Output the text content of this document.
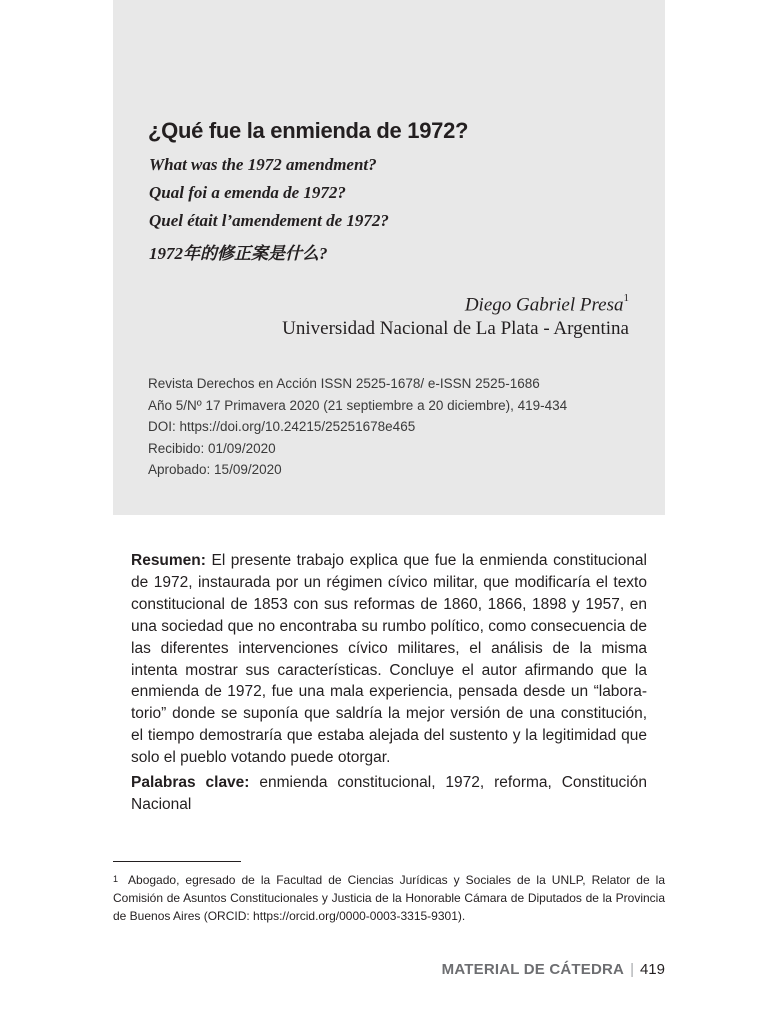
¿Qué fue la enmienda de 1972?

What was the 1972 amendment?

Qual foi a emenda de 1972?

Quel était l’amendement de 1972?

1972年的修正案是什么?

Diego Gabriel Presa$^1$

Universidad Nacional de La Plata - Argentina

Revista Derechos en Acción ISSN 2525-1678/ e-ISSN 2525-1686
Año 5/Nº 17 Primavera 2020 (21 septiembre a 20 diciembre), 419-434
DOI: https://doi.org/10.24215/25251678e465
Recibido: 01/09/2020
Aprobado: 15/09/2020

Resumen: El presente trabajo explica que fue la enmienda constitucional de 1972, instaurada por un régimen cívico militar, que modificaría el texto constitucional de 1853 con sus reformas de 1860, 1866, 1898 y 1957, en una sociedad que no encontraba su rumbo político, como consecuencia de las diferentes intervenciones cívico militares, el análisis de la misma intenta mostrar sus características. Concluye el autor afirmando que la enmienda de 1972, fue una mala experiencia, pensada desde un “labora-torio” donde se suponía que saldría la mejor versión de una constitución, el tiempo demostraría que estaba alejada del sustento y la legitimidad que solo el pueblo votando puede otorgar.

Palabras clave: enmienda constitucional, 1972, reforma, Constitución Nacional

$^1$ Abogado, egresado de la Facultad de Ciencias Jurídicas y Sociales de la UNLP, Relator de la Comisión de Asuntos Constitucionales y Justicia de la Honorable Cámara de Diputados de la Provincia de Buenos Aires (ORCID: https://orcid.org/0000-0003-3315-9301).

MATERIAL DE CÁTEDRA | 419
